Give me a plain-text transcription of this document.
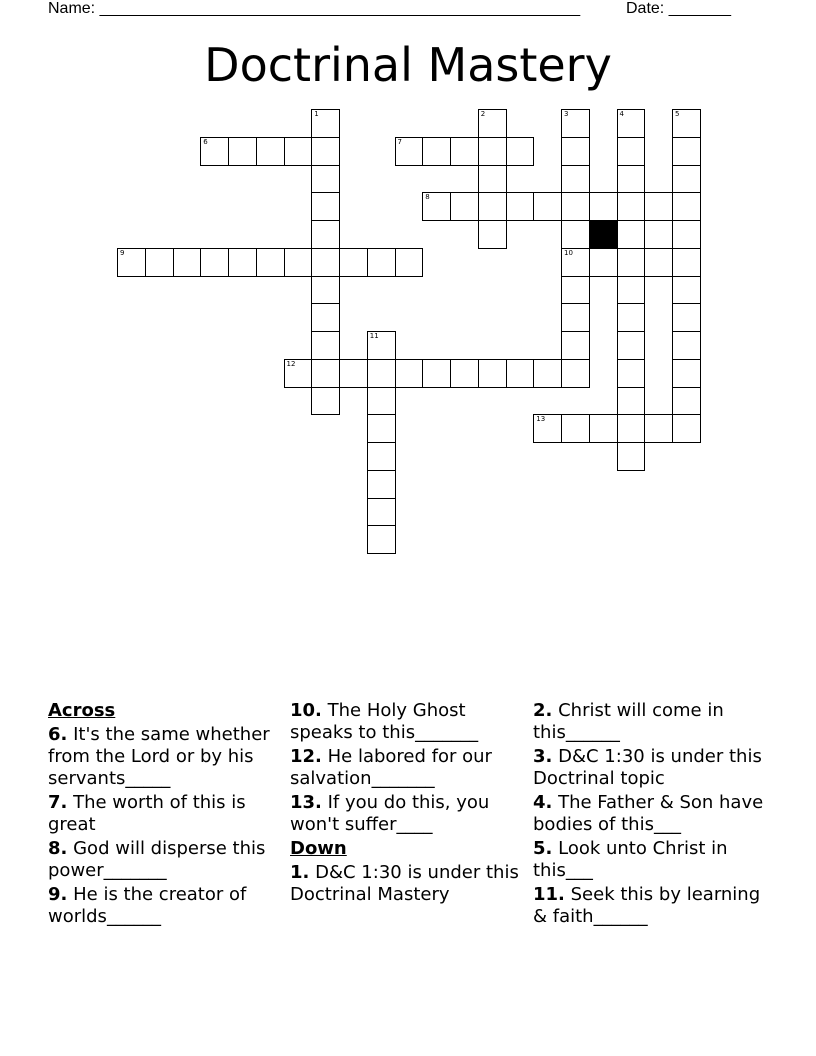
Name: ______________________________________________________	Date: _______
Doctrinal Mastery
6	7
8
9	10
12
13
1	2	3	4	5
11
Across
6. It's the same whether from the Lord or by his servants_____
7. The worth of this is great
8. God will disperse this power_______
9. He is the creator of worlds______
10. The Holy Ghost speaks to this_______
12. He labored for our salvation_______
13. If you do this, you won't suffer____
Down
1. D&C 1:30 is under this Doctrinal Mastery
2. Christ will come in this______
3. D&C 1:30 is under this Doctrinal topic
4. The Father & Son have bodies of this___
5. Look unto Christ in this___
11. Seek this by learning & faith______
